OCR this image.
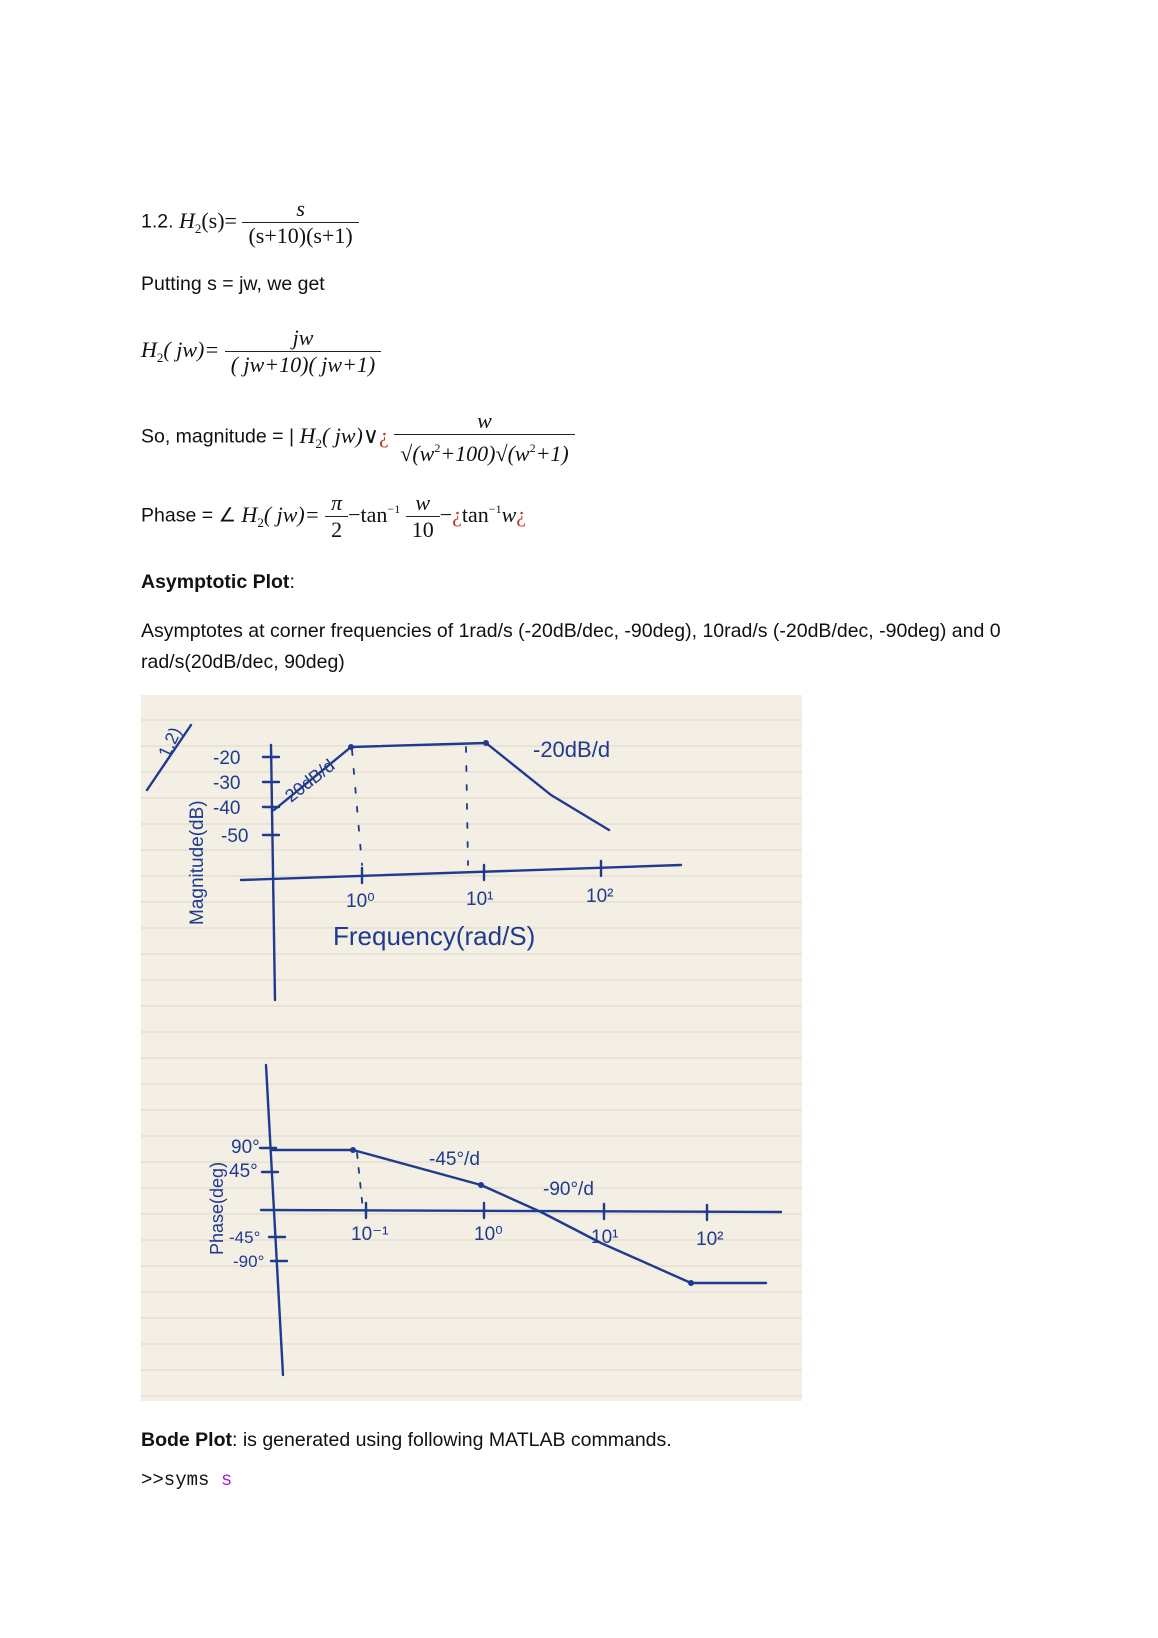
1.2. $H_2(s)= \frac{s}{(s+10)(s+1)}$
Putting s = jw, we get
$H_2$( $jw)= \frac{jw}{( jw+10)( jw+1)}$
So, magnitude = | $H_2$( jw)∨¿ $\frac{w}{√(w^2+100)√(w^2+1)}$
Phase = ∠ $H_2$( $jw)= \frac{\pi}{2} -\tan^{-1} \frac{w}{10}$ $-¿\tan^{-1}w¿$
Asymptotic Plot:
Asymptotes at corner frequencies of 1rad/s (-20dB/dec, -90deg), 10rad/s (-20dB/dec, -90deg) and 0 rad/s(20dB/dec, 90deg)
1.2)
Magnitude(dB)
-20
-30
-40
-50
20dB/d
-20dB/d
10⁰	10¹	10²
Frequency(rad/S)
Phase(deg)
90°
45°
-45°
-90°
-45°/d
-90°/d
10⁻¹	10⁰	10¹	10²
Bode Plot: is generated using following MATLAB commands.
>>syms s
